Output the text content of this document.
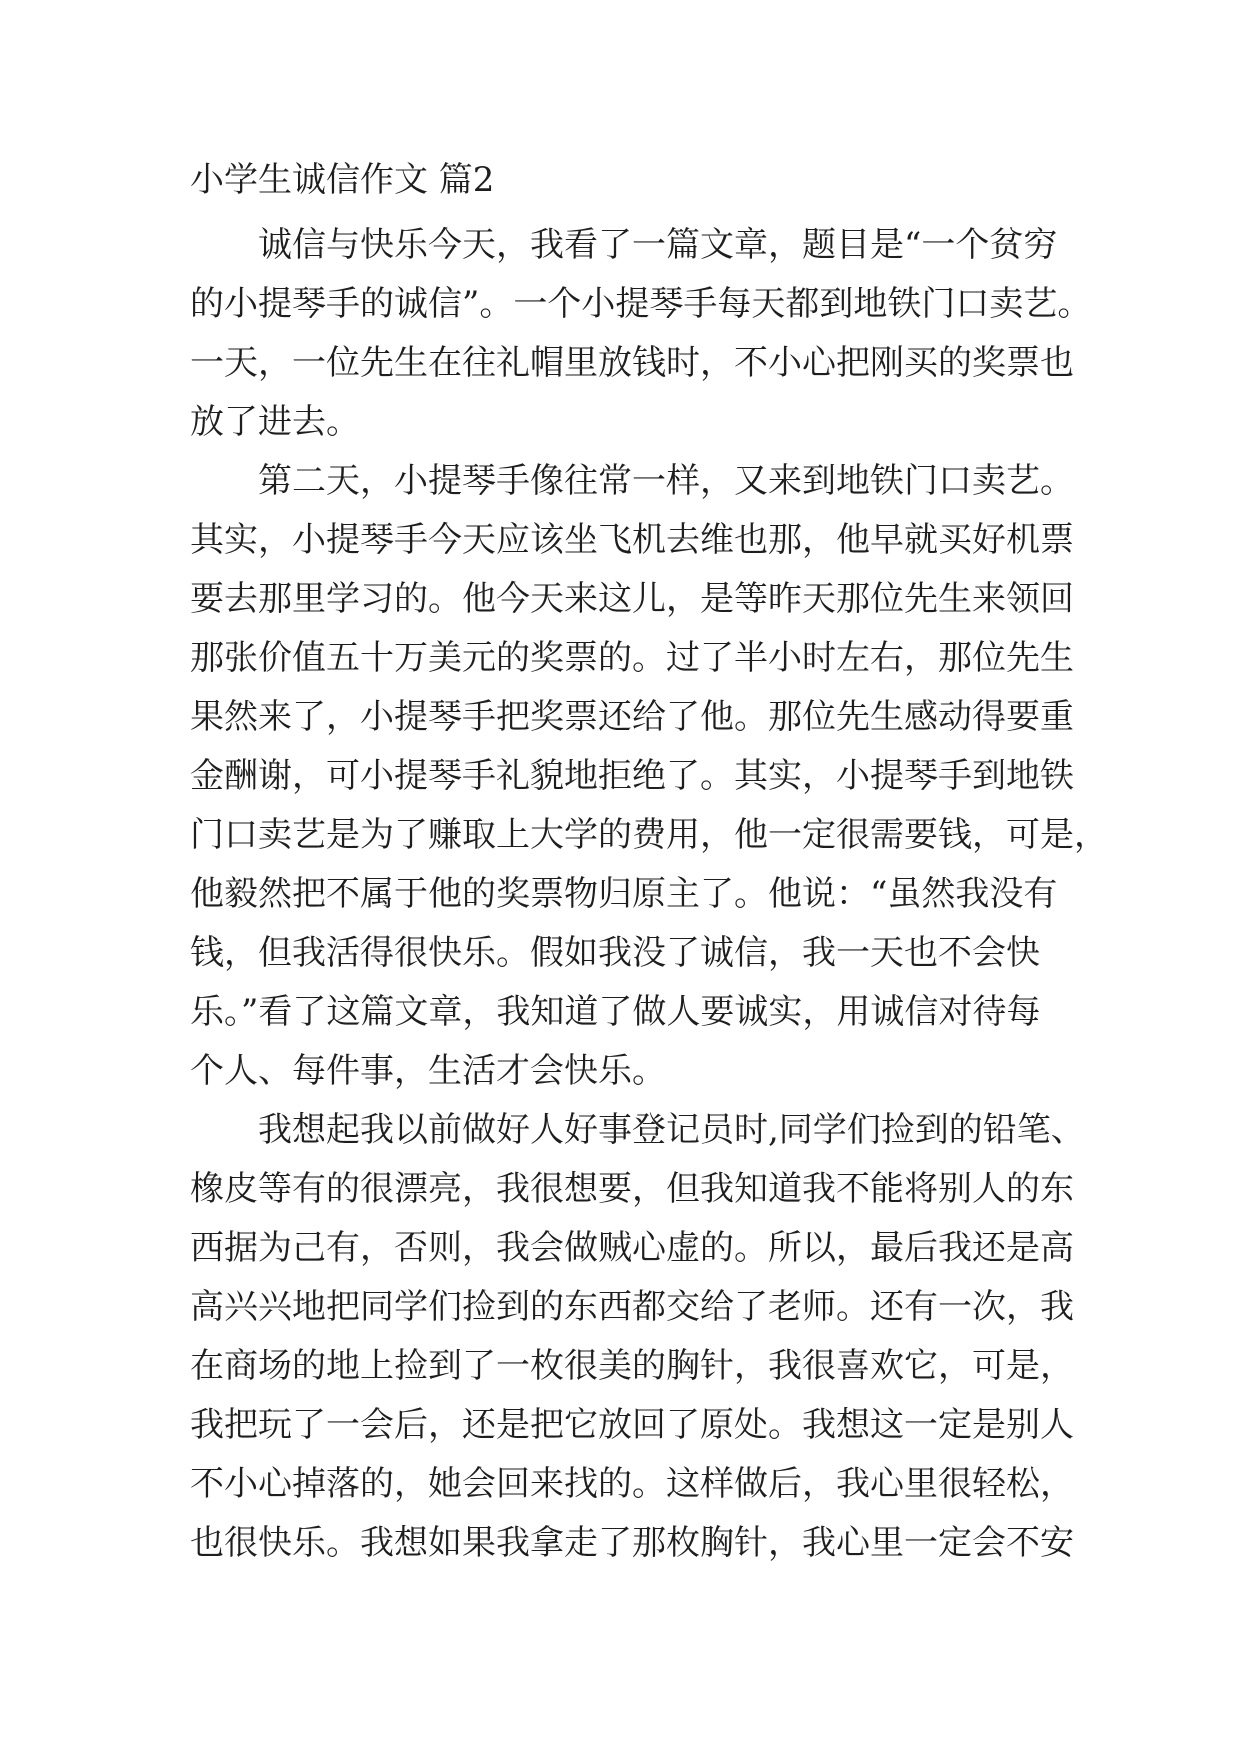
小学生诚信作文 篇2

诚信与快乐今天，我看了一篇文章，题目是“一个贫穷

的小提琴手的诚信”。一个小提琴手每天都到地铁门口卖艺。

一天，一位先生在往礼帽里放钱时，不小心把刚买的奖票也

放了进去。

第二天，小提琴手像往常一样，又来到地铁门口卖艺。

其实，小提琴手今天应该坐飞机去维也那，他早就买好机票

要去那里学习的。他今天来这儿，是等昨天那位先生来领回

那张价值五十万美元的奖票的。过了半小时左右，那位先生

果然来了，小提琴手把奖票还给了他。那位先生感动得要重

金酬谢，可小提琴手礼貌地拒绝了。其实，小提琴手到地铁

门口卖艺是为了赚取上大学的费用，他一定很需要钱，可是，

他毅然把不属于他的奖票物归原主了。他说：“虽然我没有

钱，但我活得很快乐。假如我没了诚信，我一天也不会快

乐。”看了这篇文章，我知道了做人要诚实，用诚信对待每

个人、每件事，生活才会快乐。

我想起我以前做好人好事登记员时,同学们捡到的铅笔、

橡皮等有的很漂亮，我很想要，但我知道我不能将别人的东

西据为己有，否则，我会做贼心虚的。所以，最后我还是高

高兴兴地把同学们捡到的东西都交给了老师。还有一次，我

在商场的地上捡到了一枚很美的胸针，我很喜欢它，可是，

我把玩了一会后，还是把它放回了原处。我想这一定是别人

不小心掉落的，她会回来找的。这样做后，我心里很轻松，

也很快乐。我想如果我拿走了那枚胸针，我心里一定会不安
